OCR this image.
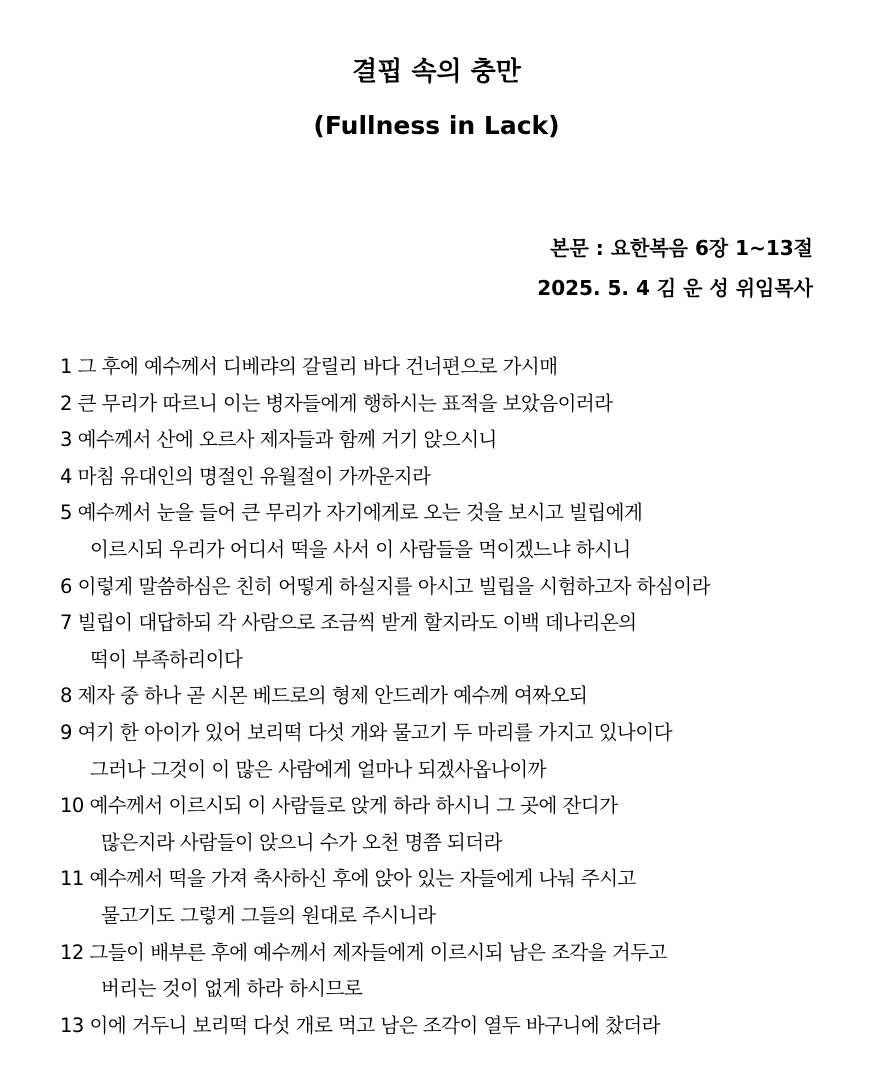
결핍 속의 충만
(Fullness in Lack)
본문 : 요한복음 6장 1~13절
2025. 5. 4 김 운 성 위임목사
1 그 후에 예수께서 디베랴의 갈릴리 바다 건너편으로 가시매
2 큰 무리가 따르니 이는 병자들에게 행하시는 표적을 보았음이러라
3 예수께서 산에 오르사 제자들과 함께 거기 앉으시니
4 마침 유대인의 명절인 유월절이 가까운지라
5 예수께서 눈을 들어 큰 무리가 자기에게로 오는 것을 보시고 빌립에게
이르시되 우리가 어디서 떡을 사서 이 사람들을 먹이겠느냐 하시니
6 이렇게 말씀하심은 친히 어떻게 하실지를 아시고 빌립을 시험하고자 하심이라
7 빌립이 대답하되 각 사람으로 조금씩 받게 할지라도 이백 데나리온의
떡이 부족하리이다
8 제자 중 하나 곧 시몬 베드로의 형제 안드레가 예수께 여짜오되
9 여기 한 아이가 있어 보리떡 다섯 개와 물고기 두 마리를 가지고 있나이다
그러나 그것이 이 많은 사람에게 얼마나 되겠사옵나이까
10 예수께서 이르시되 이 사람들로 앉게 하라 하시니 그 곳에 잔디가
많은지라 사람들이 앉으니 수가 오천 명쯤 되더라
11 예수께서 떡을 가져 축사하신 후에 앉아 있는 자들에게 나눠 주시고
물고기도 그렇게 그들의 원대로 주시니라
12 그들이 배부른 후에 예수께서 제자들에게 이르시되 남은 조각을 거두고
버리는 것이 없게 하라 하시므로
13 이에 거두니 보리떡 다섯 개로 먹고 남은 조각이 열두 바구니에 찼더라
